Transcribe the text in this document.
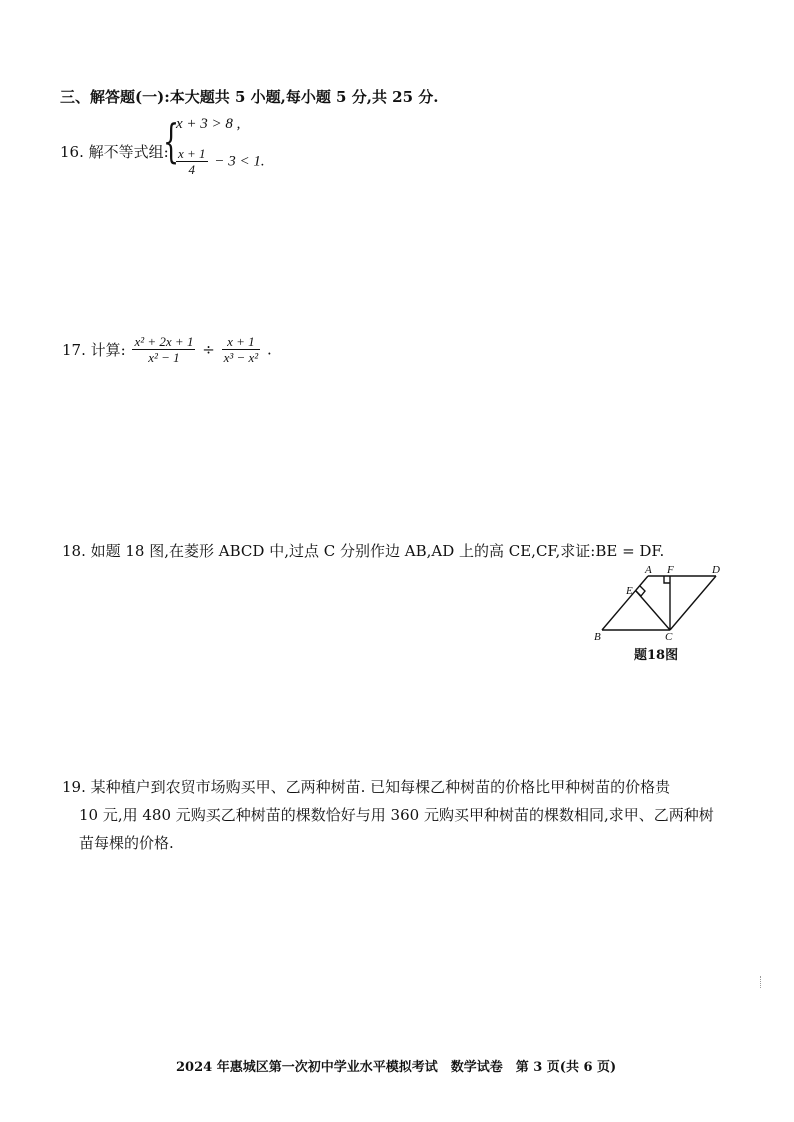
三、解答题(一):本大题共 5 小题,每小题 5 分,共 25 分.
16. 解不等式组:
{
x + 3 > 8 ,
$\frac{x + 1}{4} - 3 < 1$.
17. 计算: $\frac{\text{x² + 2x + 1}}{\text{x² − 1}} \div \frac{x + 1}{\text{x³ − x²}}$ .
18. 如题 18 图,在菱形 ABCD 中,过点 C 分别作边 AB,AD 上的高 CE,CF,求证:BE = DF.
A F	D
E
B	C
题18图
19. 某种植户到农贸市场购买甲、乙两种树苗. 已知每棵乙种树苗的价格比甲种树苗的价格贵
10 元,用 480 元购买乙种树苗的棵数恰好与用 360 元购买甲种树苗的棵数相同,求甲、乙两种树
苗每棵的价格.
2024 年惠城区第一次初中学业水平模拟考试　数学试卷　第 3 页(共 6 页)
